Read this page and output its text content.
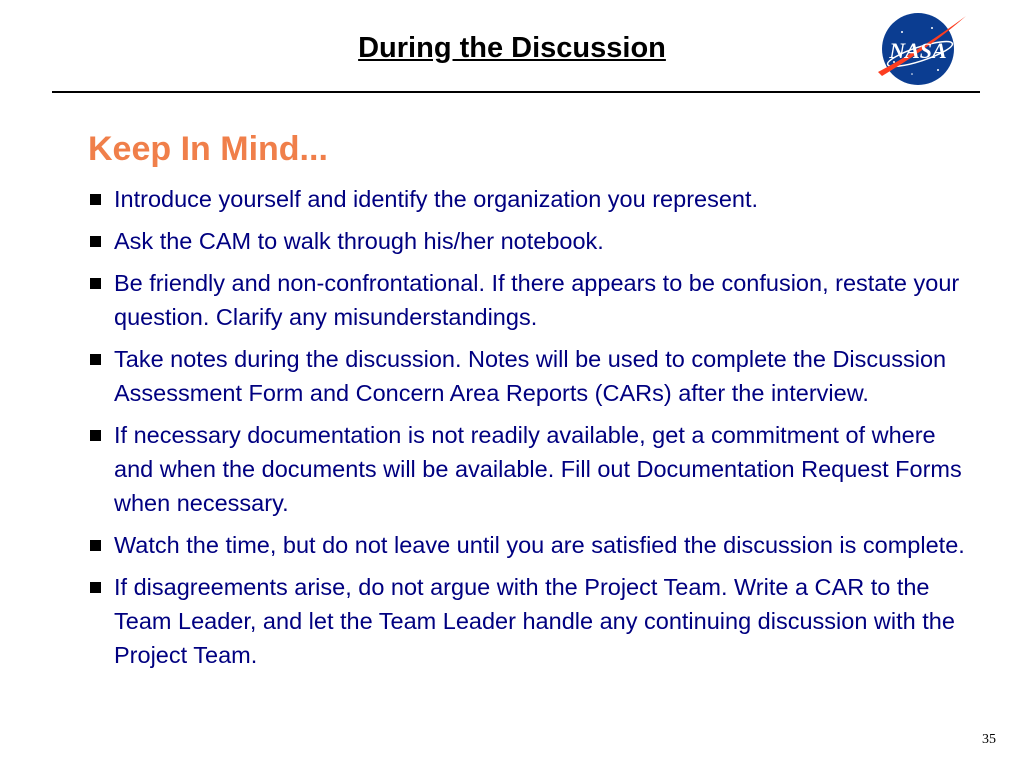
During the Discussion	NASA
Keep In Mind...
Introduce yourself and identify the organization you represent.
Ask the CAM to walk through his/her notebook.
Be friendly and non-confrontational. If there appears to be confusion, restate your question. Clarify any misunderstandings.
Take notes during the discussion. Notes will be used to complete the Discussion Assessment Form and Concern Area Reports (CARs) after the interview.
If necessary documentation is not readily available, get a commitment of where and when the documents will be available. Fill out Documentation Request Forms when necessary.
Watch the time, but do not leave until you are satisfied the discussion is complete.
If disagreements arise, do not argue with the Project Team. Write a CAR to the Team Leader, and let the Team Leader handle any continuing discussion with the Project Team.
35
